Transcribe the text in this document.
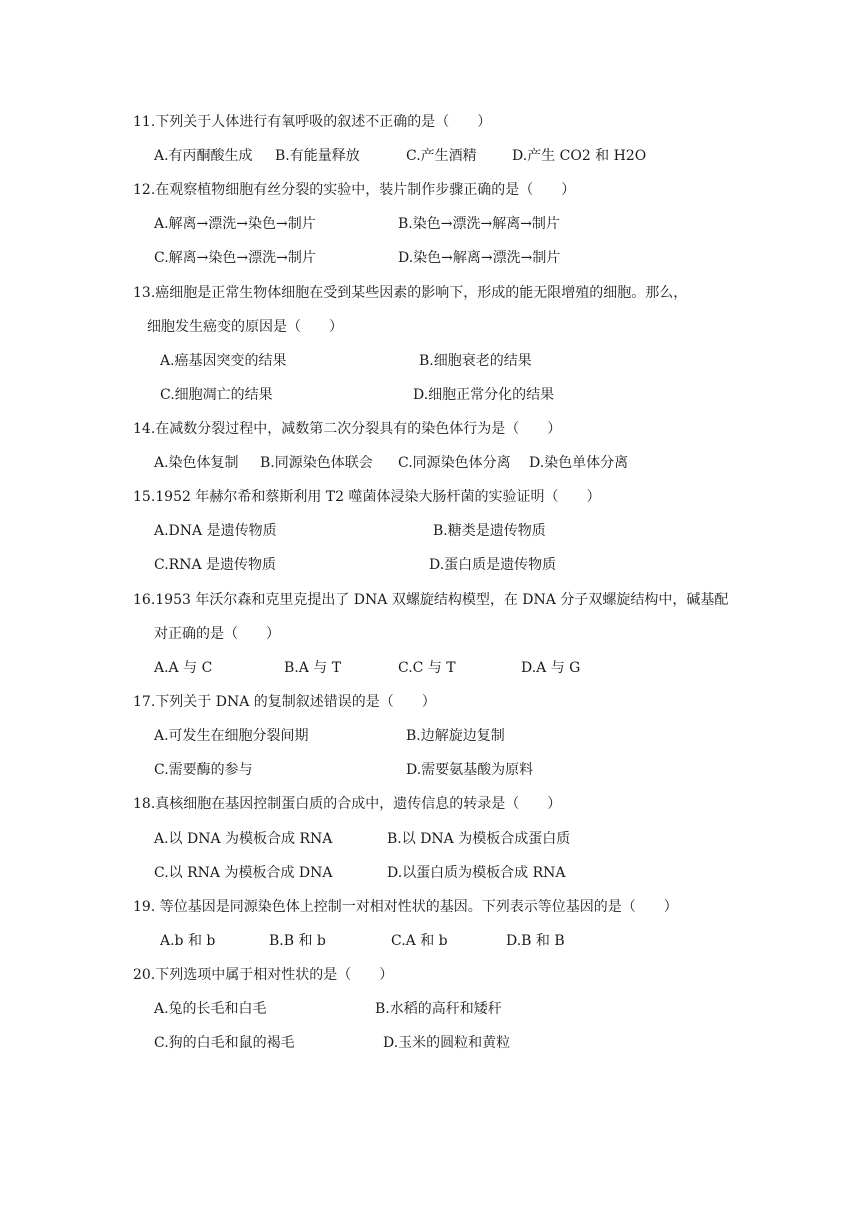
11.下列关于人体进行有氧呼吸的叙述不正确的是（　　）
A.有丙酮酸生成 B.有能量释放	C.产生酒精	D.产生 CO2 和 H2O
12.在观察植物细胞有丝分裂的实验中，装片制作步骤正确的是（　　）
A.解离→漂洗→染色→制片	B.染色→漂洗→解离→制片
C.解离→染色→漂洗→制片	D.染色→解离→漂洗→制片
13.癌细胞是正常生物体细胞在受到某些因素的影响下，形成的能无限增殖的细胞。那么，
细胞发生癌变的原因是（　　）
A.癌基因突变的结果	B.细胞衰老的结果
C.细胞凋亡的结果	D.细胞正常分化的结果
14.在减数分裂过程中，减数第二次分裂具有的染色体行为是（　　）
A.染色体复制 B.同源染色体联会 C.同源染色体分离 D.染色单体分离
15.1952 年赫尔希和蔡斯利用 T2 噬菌体浸染大肠杆菌的实验证明（　　）
A.DNA 是遗传物质	B.糖类是遗传物质
C.RNA 是遗传物质	D.蛋白质是遗传物质
16.1953 年沃尔森和克里克提出了 DNA 双螺旋结构模型，在 DNA 分子双螺旋结构中，碱基配
对正确的是（　　）
A.A 与 C	B.A 与 T	C.C 与 T	D.A 与 G
17.下列关于 DNA 的复制叙述错误的是（　　）
A.可发生在细胞分裂间期	B.边解旋边复制
C.需要酶的参与	D.需要氨基酸为原料
18.真核细胞在基因控制蛋白质的合成中，遗传信息的转录是（　　）
A.以 DNA 为模板合成 RNA	B.以 DNA 为模板合成蛋白质
C.以 RNA 为模板合成 DNA	D.以蛋白质为模板合成 RNA
19. 等位基因是同源染色体上控制一对相对性状的基因。下列表示等位基因的是（　　）
A.b 和 b	B.B 和 b	C.A 和 b	D.B 和 B
20.下列选项中属于相对性状的是（　　）
A.兔的长毛和白毛	B.水稻的高秆和矮秆
C.狗的白毛和鼠的褐毛	D.玉米的圆粒和黄粒
